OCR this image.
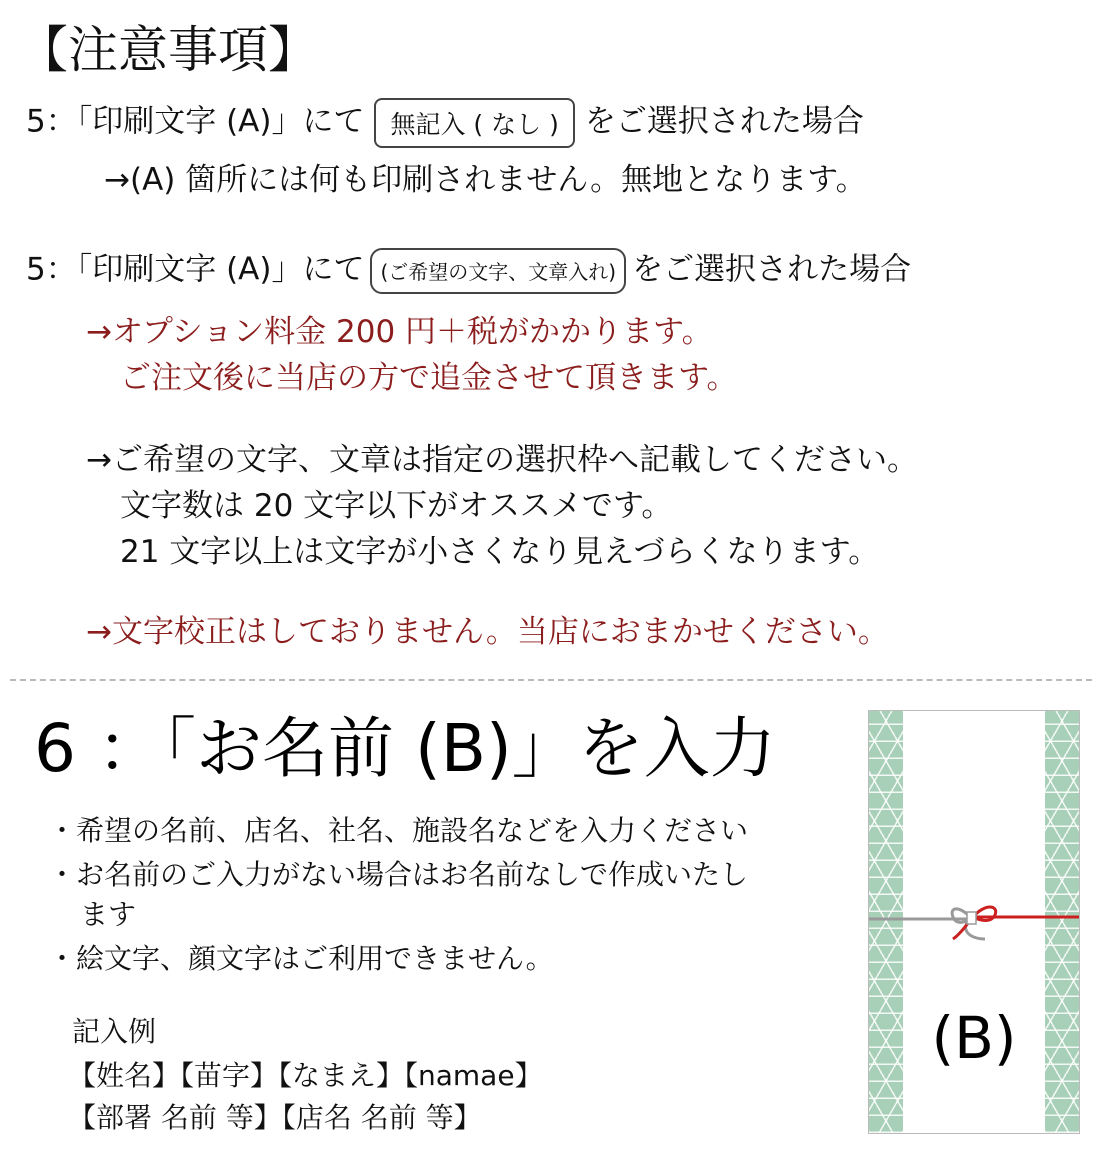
【注意事項】
5：「印刷文字 (A)」にて 無記入 ( なし ) をご選択された場合
→(A) 箇所には何も印刷されません。無地となります。
5：「印刷文字 (A)」にて (ご希望の文字、文章入れ) をご選択された場合
→オプション料金 200 円＋税がかかります。
ご注文後に当店の方で追金させて頂きます。
→ご希望の文字、文章は指定の選択枠へ記載してください。
文字数は 20 文字以下がオススメです。
21 文字以上は文字が小さくなり見えづらくなります。
→文字校正はしておりません。当店におまかせください。
6 ：「お名前 (B)」を入力
・希望の名前、店名、社名、施設名などを入力ください
・お名前のご入力がない場合はお名前なしで作成いたし
ます
・絵文字、顔文字はご利用できません。
記入例
【姓名】【苗字】【なまえ】【namae】
【部署 名前 等】【店名 名前 等】
(B)
